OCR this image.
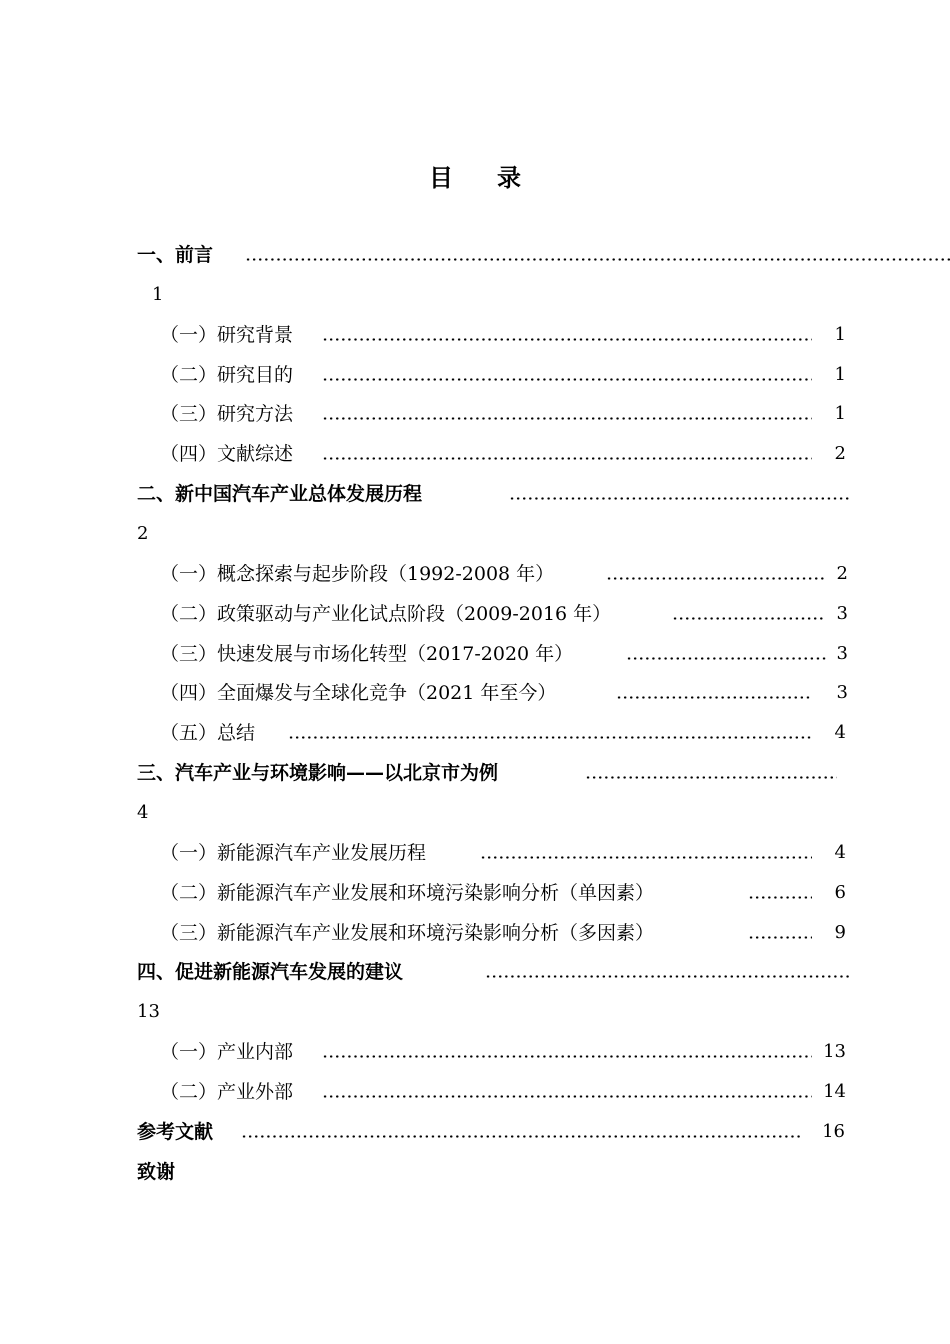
目 录
一、前言
1
（一）研究背景	1
（二）研究目的	1
（三）研究方法	1
（四）文献综述	2
二、新中国汽车产业总体发展历程
2
（一）概念探索与起步阶段（1992-2008 年）	2
（二）政策驱动与产业化试点阶段（2009-2016 年）	3
（三）快速发展与市场化转型（2017-2020 年）	3
（四）全面爆发与全球化竞争（2021 年至今）	3
（五）总结	4
三、汽车产业与环境影响——以北京市为例
4
（一）新能源汽车产业发展历程	4
（二）新能源汽车产业发展和环境污染影响分析（单因素）	6
（三）新能源汽车产业发展和环境污染影响分析（多因素）	9
四、促进新能源汽车发展的建议
13
（一）产业内部	13
（二）产业外部	14
参考文献	16
致谢
